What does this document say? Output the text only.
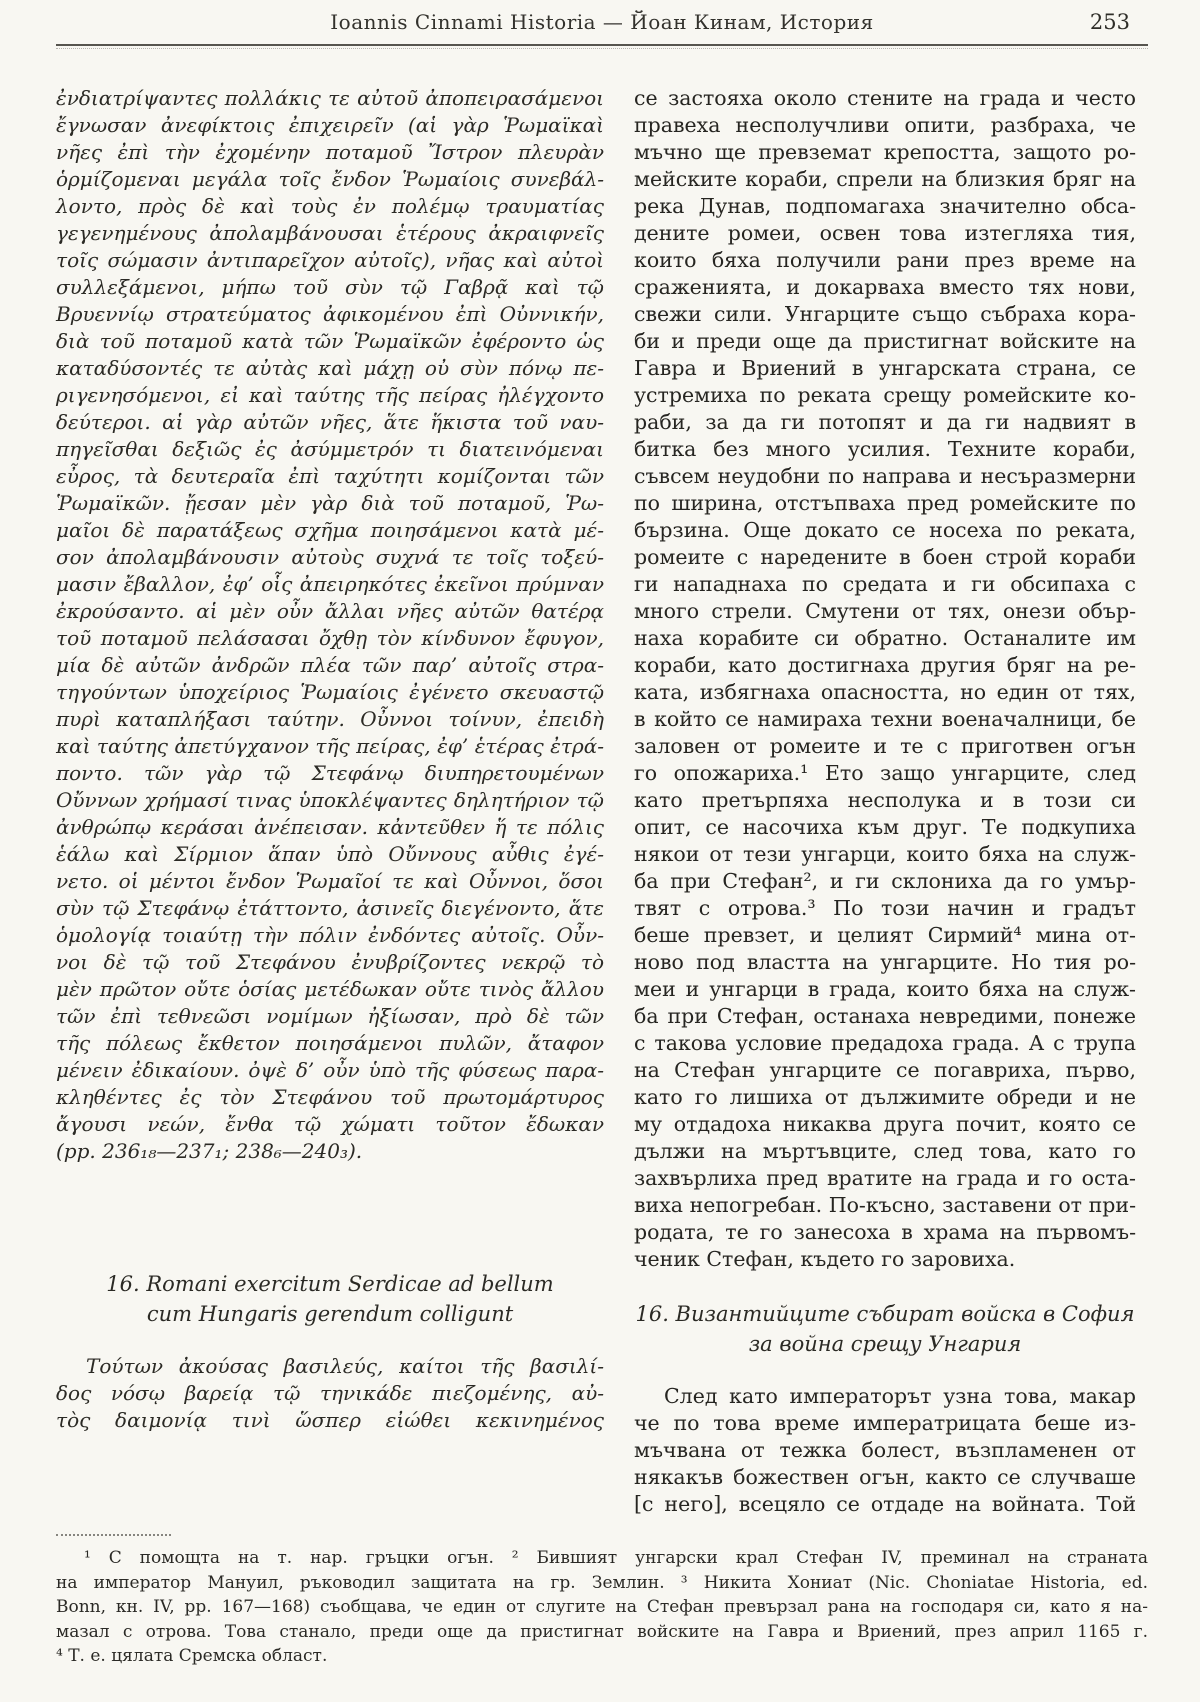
Ioannis Cinnami Historia — Йоан Кинам, История	253
ἐνδιατρίψαντες πολλάκις τε αὐτοῦ ἀποπειρασάμενοι
ἔγνωσαν ἀνεφίκτοις ἐπιχειρεῖν (αἱ γὰρ Ῥωμαϊκαὶ
νῆες ἐπὶ τὴν ἐχομένην ποταμοῦ Ἴστρον πλευρὰν
ὁρμίζομεναι μεγάλα τοῖς ἔνδον Ῥωμαίοις συνεβάλ-
λοντο, πρὸς δὲ καὶ τοὺς ἐν πολέμῳ τραυματίας
γεγενημένους ἀπολαμβάνουσαι ἑτέρους ἀκραιφνεῖς
τοῖς σώμασιν ἀντιπαρεῖχον αὐτοῖς), νῆας καὶ αὐτοὶ
συλλεξάμενοι, μήπω τοῦ σὺν τῷ Γαβρᾷ καὶ τῷ
Βρυεννίῳ στρατεύματος ἀφικομένου ἐπὶ Οὐννικήν,
διὰ τοῦ ποταμοῦ κατὰ τῶν Ῥωμαϊκῶν ἐφέροντο ὡς
καταδύσοντές τε αὐτὰς καὶ μάχῃ οὐ σὺν πόνῳ πε-
ριγενησόμενοι, εἰ καὶ ταύτης τῆς πείρας ἠλέγχοντο
δεύτεροι. αἱ γὰρ αὐτῶν νῆες, ἅτε ἥκιστα τοῦ ναυ-
πηγεῖσθαι δεξιῶς ἐς ἀσύμμετρόν τι διατεινόμεναι
εὖρος, τὰ δευτεραῖα ἐπὶ ταχύτητι κομίζονται τῶν
Ῥωμαϊκῶν. ᾔεσαν μὲν γὰρ διὰ τοῦ ποταμοῦ, Ῥω-
μαῖοι δὲ παρατάξεως σχῆμα ποιησάμενοι κατὰ μέ-
σον ἀπολαμβάνουσιν αὐτοὺς συχνά τε τοῖς τοξεύ-
μασιν ἔβαλλον, ἐφ’ οἷς ἀπειρηκότες ἐκεῖνοι πρύμναν
ἐκρούσαντο. αἱ μὲν οὖν ἄλλαι νῆες αὐτῶν θατέρᾳ
τοῦ ποταμοῦ πελάσασαι ὄχθῃ τὸν κίνδυνον ἔφυγον,
μία δὲ αὐτῶν ἀνδρῶν πλέα τῶν παρ’ αὐτοῖς στρα-
τηγούντων ὑποχείριος Ῥωμαίοις ἐγένετο σκευαστῷ
πυρὶ καταπλήξασι ταύτην. Οὖννοι τοίνυν, ἐπειδὴ
καὶ ταύτης ἀπετύγχανον τῆς πείρας, ἐφ’ ἑτέρας ἐτρά-
ποντο. τῶν γὰρ τῷ Στεφάνῳ διυπηρετουμένων
Οὔννων χρήμασί τινας ὑποκλέψαντες δηλητήριον τῷ
ἀνθρώπῳ κεράσαι ἀνέπεισαν. κἀντεῦθεν ἥ τε πόλις
ἑάλω καὶ Σίρμιον ἅπαν ὑπὸ Οὔννους αὖθις ἐγέ-
νετο. οἱ μέντοι ἔνδον Ῥωμαῖοί τε καὶ Οὖννοι, ὅσοι
σὺν τῷ Στεφάνῳ ἐτάττοντο, ἀσινεῖς διεγένοντο, ἅτε
ὁμολογίᾳ τοιαύτῃ τὴν πόλιν ἐνδόντες αὐτοῖς. Οὖν-
νοι δὲ τῷ τοῦ Στεφάνου ἐνυβρίζοντες νεκρῷ τὸ
μὲν πρῶτον οὔτε ὁσίας μετέδωκαν οὔτε τινὸς ἄλλου
τῶν ἐπὶ τεθνεῶσι νομίμων ἠξίωσαν, πρὸ δὲ τῶν
τῆς πόλεως ἔκθετον ποιησάμενοι πυλῶν, ἄταφον
μένειν ἐδικαίουν. ὀψὲ δ’ οὖν ὑπὸ τῆς φύσεως παρα-
κληθέντες ἐς τὸν Στεφάνου τοῦ πρωτομάρτυρος
ἄγουσι νεών, ἔνθα τῷ χώματι τοῦτον ἔδωκαν
(pp. 236₁₈—237₁; 238₆—240₃).
16. Romani exercitum Serdicae ad bellum
cum Hungaris gerendum colligunt
Τούτων ἀκούσας βασιλεύς, καίτοι τῆς βασιλί-
δος νόσῳ βαρείᾳ τῷ τηνικάδε πιεζομένης, αὐ-
τὸς δαιμονίᾳ τινὶ ὥσπερ εἰώθει κεκινημένος
се застояха около стените на града и често
правеха несполучливи опити, разбраха, че
мъчно ще превземат крепостта, защото ро-
мейските кораби, спрели на близкия бряг на
река Дунав, подпомагаха значително обса-
дените ромеи, освен това изтегляха тия,
които бяха получили рани през време на
сраженията, и докарваха вместо тях нови,
свежи сили. Унгарците също събраха кора-
би и преди още да пристигнат войските на
Гавра и Вриений в унгарската страна, се
устремиха по реката срещу ромейските ко-
раби, за да ги потопят и да ги надвият в
битка без много усилия. Техните кораби,
съвсем неудобни по направа и несъразмерни
по ширина, отстъпваха пред ромейските по
бързина. Още докато се носеха по реката,
ромеите с наредените в боен строй кораби
ги нападнаха по средата и ги обсипаха с
много стрели. Смутени от тях, онези обър-
наха корабите си обратно. Останалите им
кораби, като достигнаха другия бряг на ре-
ката, избягнаха опасността, но един от тях,
в който се намираха техни военачалници, бе
заловен от ромеите и те с приготвен огън
го опожариха.¹ Ето защо унгарците, след
като претърпяха несполука и в този си
опит, се насочиха към друг. Те подкупиха
някои от тези унгарци, които бяха на служ-
ба при Стефан², и ги склониха да го умър-
твят с отрова.³ По този начин и градът
беше превзет, и целият Сирмий⁴ мина от-
ново под властта на унгарците. Но тия ро-
меи и унгарци в града, които бяха на служ-
ба при Стефан, останаха невредими, понеже
с такова условие предадоха града. А с трупа
на Стефан унгарците се погавриха, първо,
като го лишиха от дължимите обреди и не
му отдадоха никаква друга почит, която се
дължи на мъртъвците, след това, като го
захвърлиха пред вратите на града и го оста-
виха непогребан. По-късно, заставени от при-
родата, те го занесоха в храма на първомъ-
ченик Стефан, където го заровиха.
16. Византийците събират войска в София
за война срещу Унгария
След като императорът узна това, макар
че по това време императрицата беше из-
мъчвана от тежка болест, възпламенен от
някакъв божествен огън, както се случваше
[с него], всецяло се отдаде на войната. Той
¹ С помощта на т. нар. гръцки огън. ² Бившият унгарски крал Стефан IV, преминал на страната
на император Мануил, ръководил защитата на гр. Землин. ³ Никита Хониат (Nic. Choniatae Historia, ed.
Bonn, кн. IV, pp. 167—168) съобщава, че един от слугите на Стефан превързал рана на господаря си, като я на-
мазал с отрова. Това станало, преди още да пристигнат войските на Гавра и Вриений, през април 1165 г.
⁴ Т. е. цялата Сремска област.
